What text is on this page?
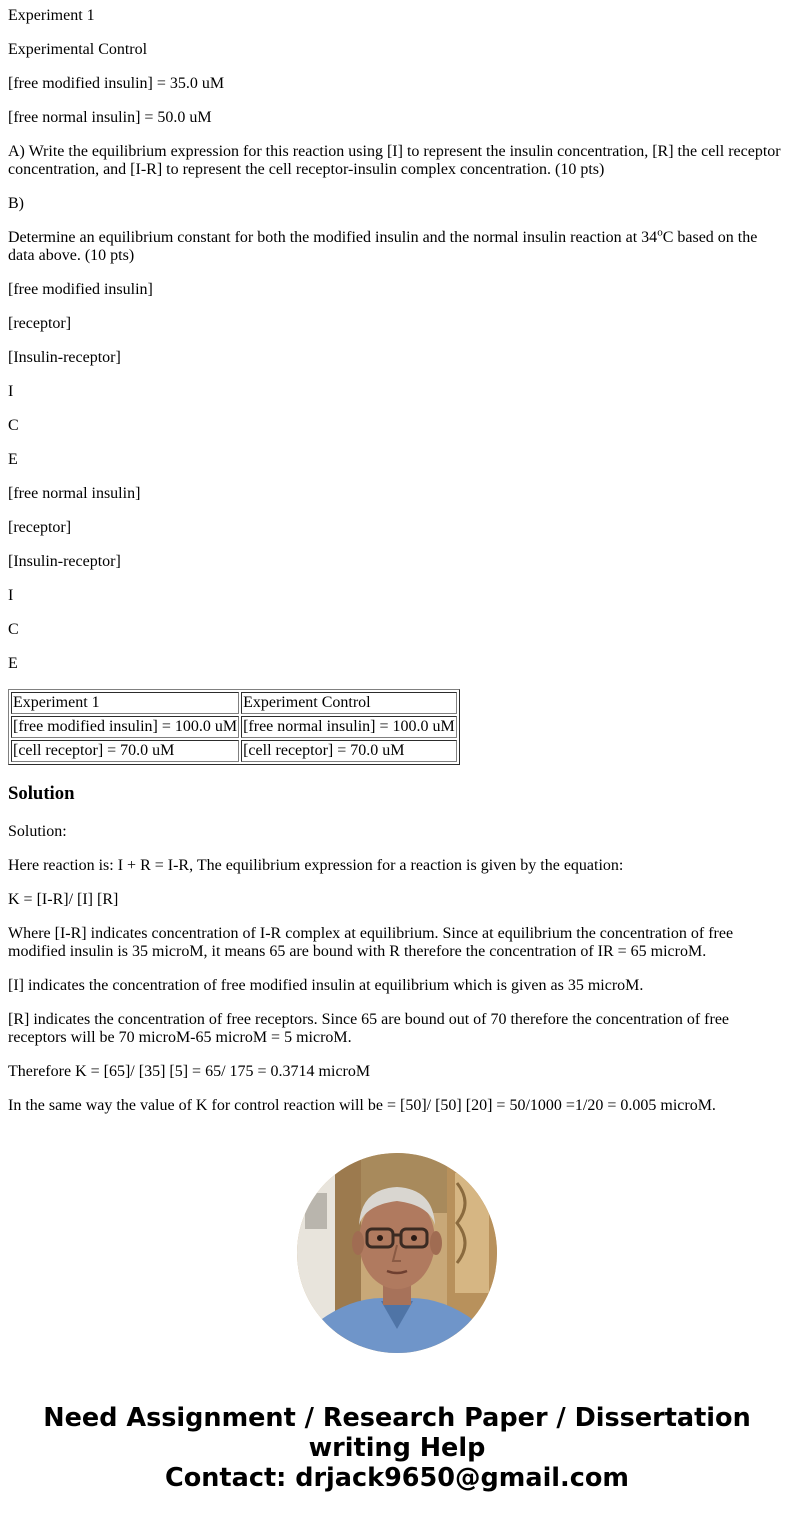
Experiment 1

Experimental Control

[free modified insulin] = 35.0 uM

[free normal insulin] = 50.0 uM

A) Write the equilibrium expression for this reaction using [I] to represent the insulin concentration, [R] the cell receptor concentration, and [I-R] to represent the cell receptor-insulin complex concentration. (10 pts)

B)

Determine an equilibrium constant for both the modified insulin and the normal insulin reaction at 34$^o$C based on the data above. (10 pts)

[free modified insulin]

[receptor]

[Insulin-receptor]

I

C

E

[free normal insulin]

[receptor]

[Insulin-receptor]

I

C

E

Experiment 1	Experiment Control
[free modified insulin] = 100.0 uM	[free normal insulin] = 100.0 uM
[cell receptor] = 70.0 uM	[cell receptor] = 70.0 uM
Solution

Solution:

Here reaction is: I + R = I-R, The equilibrium expression for a reaction is given by the equation:

K = [I-R]/ [I] [R]

Where [I-R] indicates concentration of I-R complex at equilibrium. Since at equilibrium the concentration of free modified insulin is 35 microM, it means 65 are bound with R therefore the concentration of IR = 65 microM.

[I] indicates the concentration of free modified insulin at equilibrium which is given as 35 microM.

[R] indicates the concentration of free receptors. Since 65 are bound out of 70 therefore the concentration of free receptors will be 70 microM-65 microM = 5 microM.

Therefore K = [65]/ [35] [5] = 65/ 175 = 0.3714 microM

In the same way the value of K for control reaction will be = [50]/ [50] [20] = 50/1000 =1/20 = 0.005 microM.

Need Assignment / Research Paper / Dissertation
writing Help
Contact: drjack9650@gmail.com
